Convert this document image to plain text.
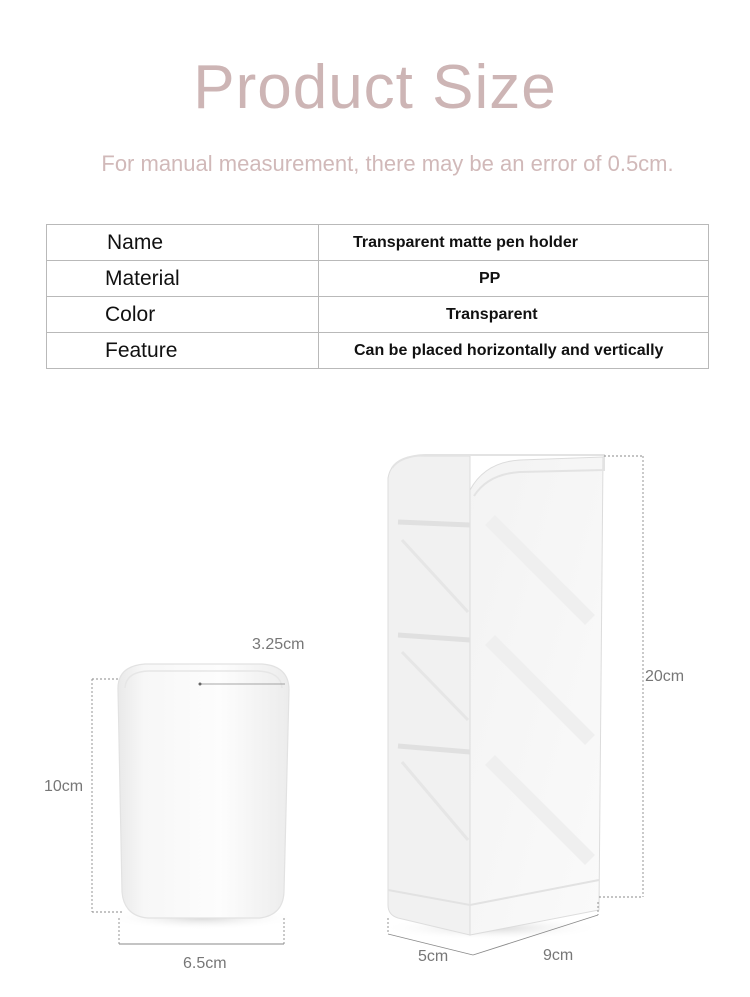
Product Size
For manual measurement, there may be an error of 0.5cm.
Name	Transparent matte pen holder
Material	PP
Color	Transparent
Feature	Can be placed horizontally and vertically
3.25cm
10cm
6.5cm
20cm
5cm	9cm
